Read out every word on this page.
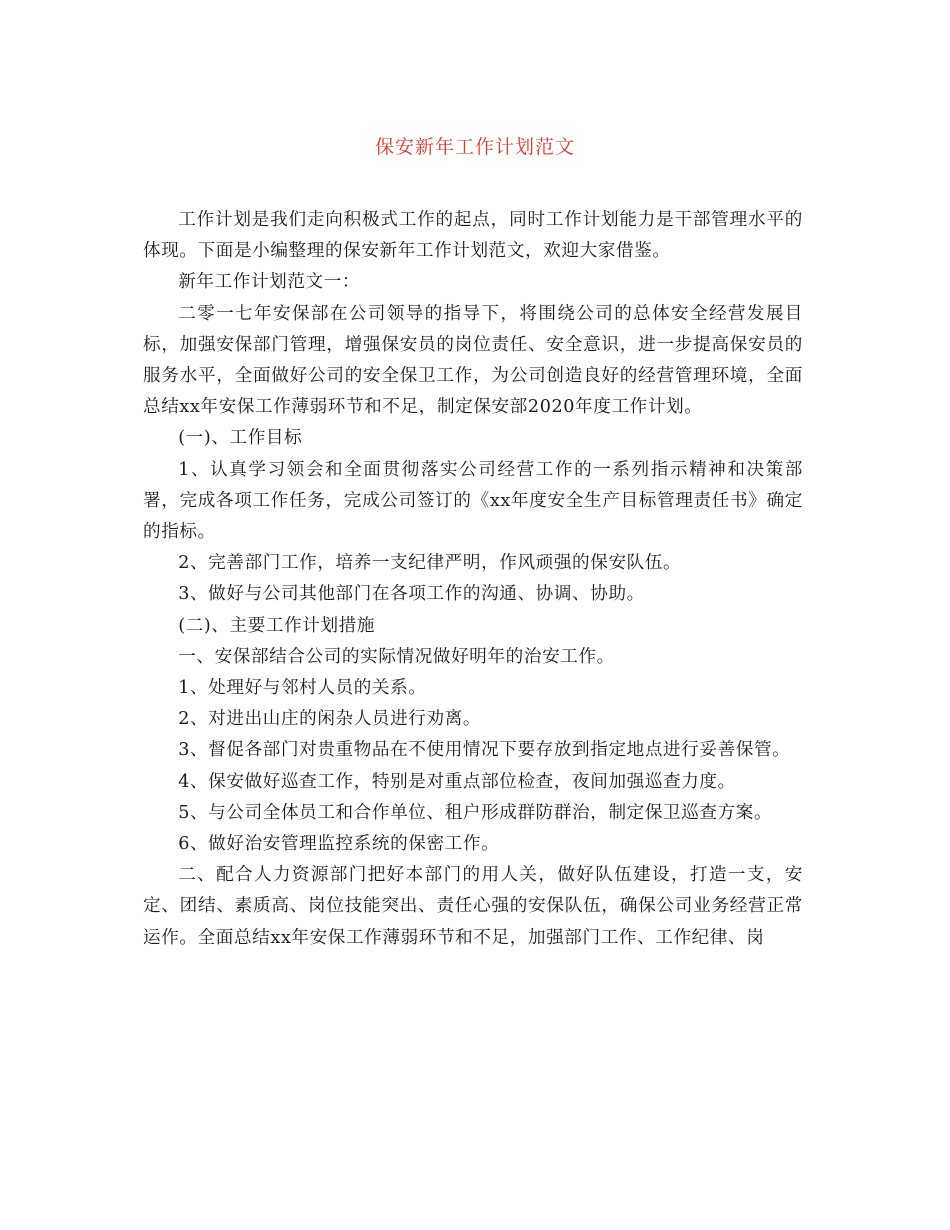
保安新年工作计划范文

工作计划是我们走向积极式工作的起点，同时工作计划能力是干部管理水平的体现。下面是小编整理的保安新年工作计划范文，欢迎大家借鉴。

新年工作计划范文一：

二零一七年安保部在公司领导的指导下，将围绕公司的总体安全经营发展目标，加强安保部门管理，增强保安员的岗位责任、安全意识，进一步提高保安员的服务水平，全面做好公司的安全保卫工作，为公司创造良好的经营管理环境，全面总结xx年安保工作薄弱环节和不足，制定保安部2020年度工作计划。

(一)、工作目标

1、认真学习领会和全面贯彻落实公司经营工作的一系列指示精神和决策部署，完成各项工作任务，完成公司签订的《xx年度安全生产目标管理责任书》确定的指标。

2、完善部门工作，培养一支纪律严明，作风顽强的保安队伍。

3、做好与公司其他部门在各项工作的沟通、协调、协助。

(二)、主要工作计划措施

一、安保部结合公司的实际情况做好明年的治安工作。

1、处理好与邻村人员的关系。

2、对进出山庄的闲杂人员进行劝离。

3、督促各部门对贵重物品在不使用情况下要存放到指定地点进行妥善保管。

4、保安做好巡查工作，特别是对重点部位检查，夜间加强巡查力度。

5、与公司全体员工和合作单位、租户形成群防群治，制定保卫巡查方案。

6、做好治安管理监控系统的保密工作。

二、配合人力资源部门把好本部门的用人关，做好队伍建设，打造一支，安定、团结、素质高、岗位技能突出、责任心强的安保队伍，确保公司业务经营正常运作。全面总结xx年安保工作薄弱环节和不足，加强部门工作、工作纪律、岗
